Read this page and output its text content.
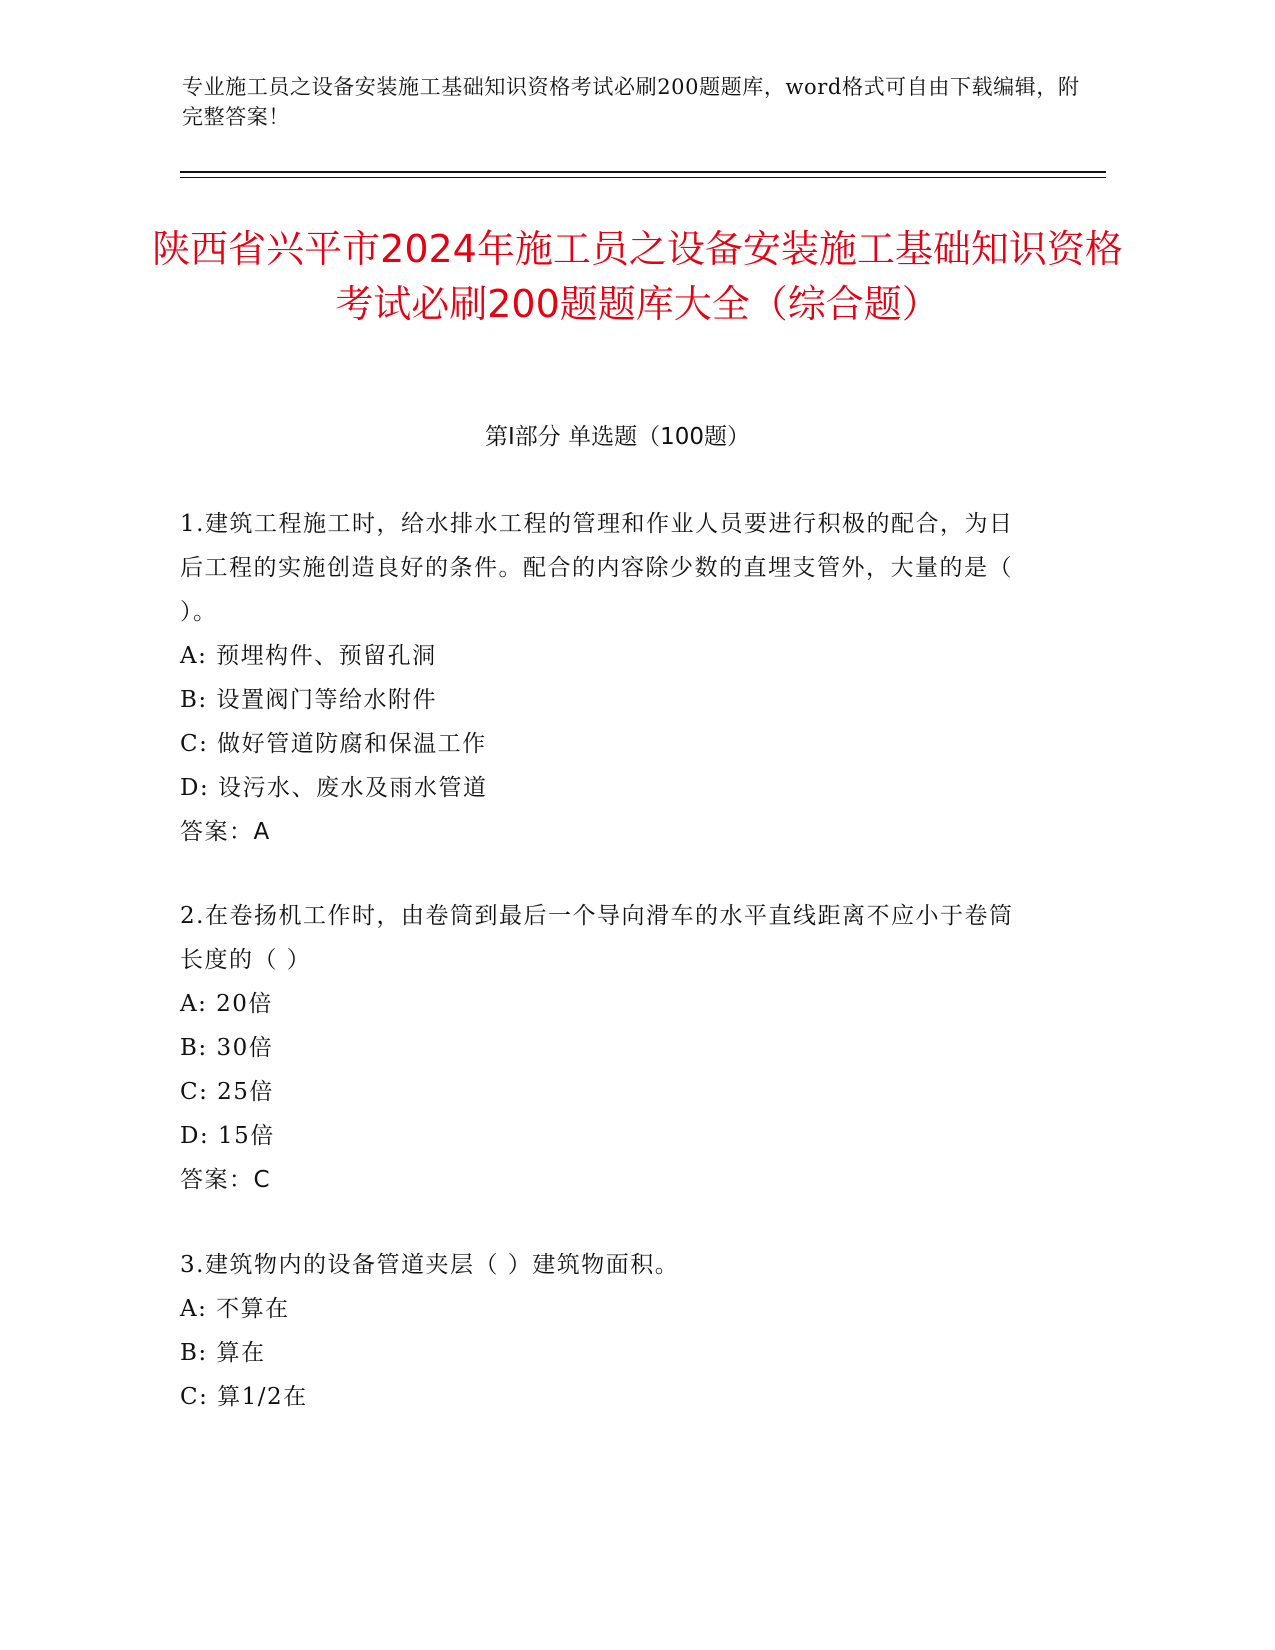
专业施工员之设备安装施工基础知识资格考试必刷200题题库，word格式可自由下载编辑，附完整答案！
陕西省兴平市2024年施工员之设备安装施工基础知识资格考试必刷200题题库大全（综合题）
第I部分 单选题（100题）
1.建筑工程施工时，给水排水工程的管理和作业人员要进行积极的配合，为日后工程的实施创造良好的条件。配合的内容除少数的直埋支管外，大量的是（ ）。
A: 预埋构件、预留孔洞
B: 设置阀门等给水附件
C: 做好管道防腐和保温工作
D: 设污水、废水及雨水管道
答案：A
2.在卷扬机工作时，由卷筒到最后一个导向滑车的水平直线距离不应小于卷筒长度的（ ）
A: 20倍
B: 30倍
C: 25倍
D: 15倍
答案：C
3.建筑物内的设备管道夹层（ ）建筑物面积。
A: 不算在
B: 算在
C: 算1/2在
